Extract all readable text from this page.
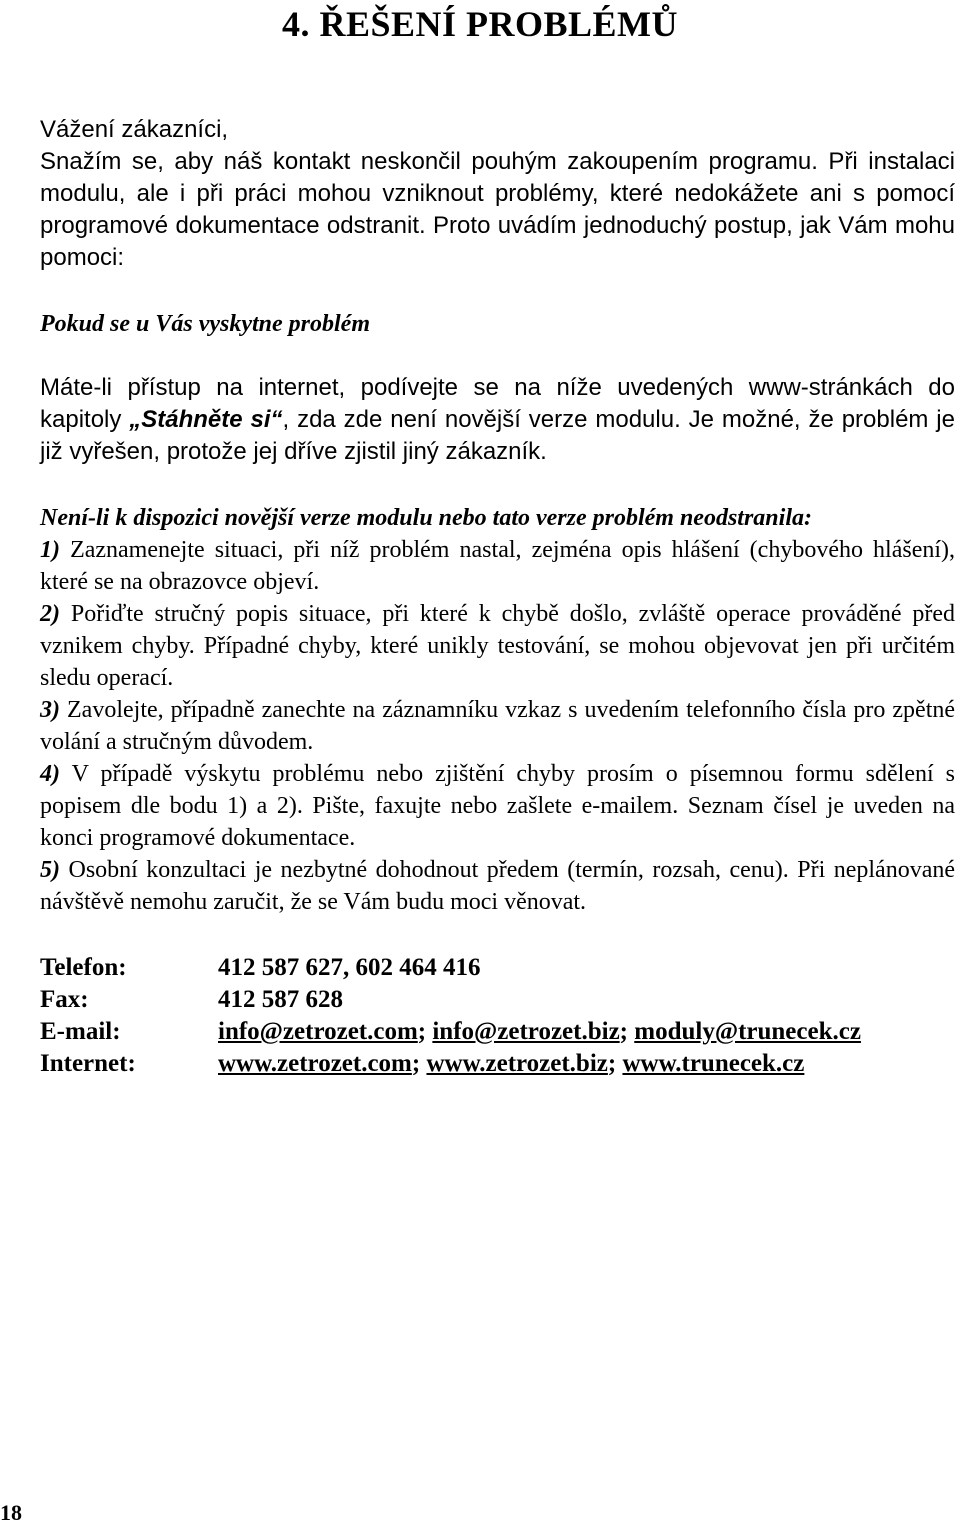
4. ŘEŠENÍ PROBLÉMŮ
Vážení zákazníci,
Snažím se, aby náš kontakt neskončil pouhým zakoupením programu. Při instalaci modulu, ale i při práci mohou vzniknout problémy, které nedokážete ani s pomocí programové dokumentace odstranit. Proto uvádím jednoduchý postup, jak Vám mohu pomoci:
Pokud se u Vás vyskytne problém
Máte-li přístup na internet, podívejte se na níže uvedených www-stránkách do kapitoly „Stáhněte si“, zda zde není novější verze modulu. Je možné, že problém je již vyřešen, protože jej dříve zjistil jiný zákazník.
Není-li k dispozici novější verze modulu nebo tato verze problém neodstranila:
1) Zaznamenejte situaci, při níž problém nastal, zejména opis hlášení (chybového hlášení), které se na obrazovce objeví.
2) Pořiďte stručný popis situace, při které k chybě došlo, zvláště operace prováděné před vznikem chyby. Případné chyby, které unikly testování, se mohou objevovat jen při určitém sledu operací.
3) Zavolejte, případně zanechte na záznamníku vzkaz s uvedením telefonního čísla pro zpětné volání a stručným důvodem.
4) V případě výskytu problému nebo zjištění chyby prosím o písemnou formu sdělení s popisem dle bodu 1) a 2). Pište, faxujte nebo zašlete e-mailem. Seznam čísel je uveden na konci programové dokumentace.
5) Osobní konzultaci je nezbytné dohodnout předem (termín, rozsah, cenu). Při neplánované návštěvě nemohu zaručit, že se Vám budu moci věnovat.
Telefon:	412 587 627, 602 464 416
Fax:	412 587 628
E-mail:	info@zetrozet.com; info@zetrozet.biz; moduly@trunecek.cz
Internet:	www.zetrozet.com; www.zetrozet.biz; www.trunecek.cz
18
